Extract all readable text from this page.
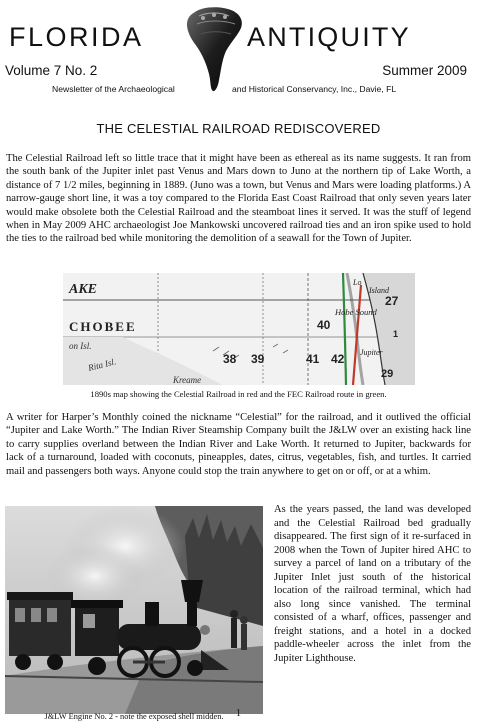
FLORIDA	ANTIQUITY
Volume 7 No. 2	Summer 2009
Newsletter of the Archaeological	and Historical Conservancy, Inc., Davie, FL
THE CELESTIAL RAILROAD REDISCOVERED

The Celestial Railroad left so little trace that it might have been as ethereal as its name suggests. It ran from the south bank of the Jupiter inlet past Venus and Mars down to Juno at the northern tip of Lake Worth, a distance of 7 1/2 miles, beginning in 1889. (Juno was a town, but Venus and Mars were loading platforms.) A narrow-gauge short line, it was a toy compared to the Florida East Coast Railroad that only seven years later would make obsolete both the Celestial Railroad and the steamboat lines it served. It was the stuff of legend when in May 2009 AHC archaeologist Joe Mankowski uncovered railroad ties and an iron spike used to hold the ties to the railroad bed while monitoring the demolition of a seawall for the Town of Jupiter.

AKE
CHOBEE
on Isl.
Rita Isl.
Kreame
38 39
40
41 42
27
Hobe Sound
Jupiter
Island
Lo
29
1
1890s map showing the Celestial Railroad in red and the FEC Railroad route in green.

A writer for Harper’s Monthly coined the nickname “Celestial” for the railroad, and it outlived the official “Jupiter and Lake Worth.” The Indian River Steamship Company built the J&LW over an existing hack line to carry supplies overland between the Indian River and Lake Worth. It returned to Jupiter, backwards for lack of a turnaround, loaded with coconuts, pineapples, dates, citrus, vegetables, fish, and turtles. It carried mail and passengers both ways. Anyone could stop the train anywhere to get on or off, or at a whim.

J&LW Engine No. 2 - note the exposed shell midden.

As the years passed, the land was developed and the Celestial Railroad bed gradually disappeared. The first sign of it re-surfaced in 2008 when the Town of Jupiter hired AHC to survey a parcel of land on a tributary of the Jupiter Inlet just south of the historical location of the railroad terminal, which had also long since vanished. The terminal consisted of a wharf, offices, passenger and freight stations, and a hotel in a docked paddle-wheeler across the inlet from the Jupiter Lighthouse.

1
